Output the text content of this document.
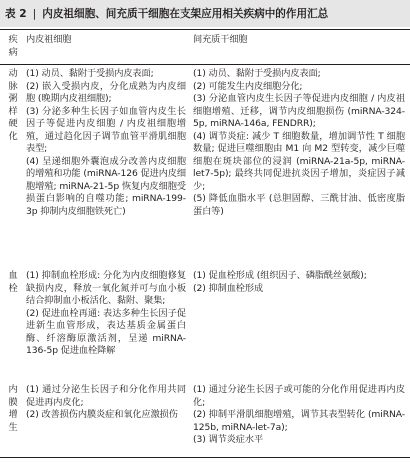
表 2 | 内皮祖细胞、间充质干细胞在支架应用相关疾病中的作用汇总
疾病
内皮祖细胞	间充质干细胞
动脉粥样硬化

(1) 动员、黏附于受损内皮表面;

(2) 嵌入受损内皮，分化成熟为内皮细胞 (晚期内皮祖细胞);

(3) 分泌多种生长因子如血管内皮生长因子等促进内皮细胞 / 内皮祖细胞增殖，通过趋化因子调节血管平滑肌细胞表型;

(4) 呈递细胞外囊泡成分改善内皮细胞的增殖和功能 (miRNA-126 促进内皮细胞增殖; miRNA-21-5p 恢复内皮细胞受损蛋白影响的自噬功能; miRNA-199-3p 抑制内皮细胞铁死亡)

(1) 动员、黏附于受损内皮表面;

(2) 可能发生内皮细胞分化;

(3) 分泌血管内皮生长因子等促进内皮细胞 / 内皮祖细胞增殖、迁移，调节内皮细胞损伤 (miRNA-324-5p, miRNA-146a, FENDRR);

(4) 调节炎症: 减少 T 细胞数量，增加调节性 T 细胞数量; 促进巨噬细胞由 M1 向 M2 型转变，减少巨噬细胞在斑块部位的浸润 (miRNA-21a-5p, miRNA-let7-5p); 最终共同促进抗炎因子增加，炎症因子减少;

(5) 降低血脂水平 (总胆固醇、三酰甘油、低密度脂蛋白等)

血栓

(1) 抑制血栓形成: 分化为内皮细胞修复缺损内皮，释放一氧化氮并可与血小板结合抑制血小板活化、黏附、聚集;

(2) 促进血栓再通: 表达多种生长因子促进新生血管形成，表达基质金属蛋白酶、纤溶酶原激活剂，呈递 miRNA-136-5p 促进血栓降解

(1) 促血栓形成 (组织因子、磷脂酰丝氨酸);

(2) 抑制血栓形成

内膜增生

(1) 通过分泌生长因子和分化作用共同促进再内皮化;

(2) 改善损伤内膜炎症和氧化应激损伤

(1) 通过分泌生长因子或可能的分化作用促进再内皮化;

(2) 抑制平滑肌细胞增殖，调节其表型转化 (miRNA-125b, miRNA-let-7a);

(3) 调节炎症水平
